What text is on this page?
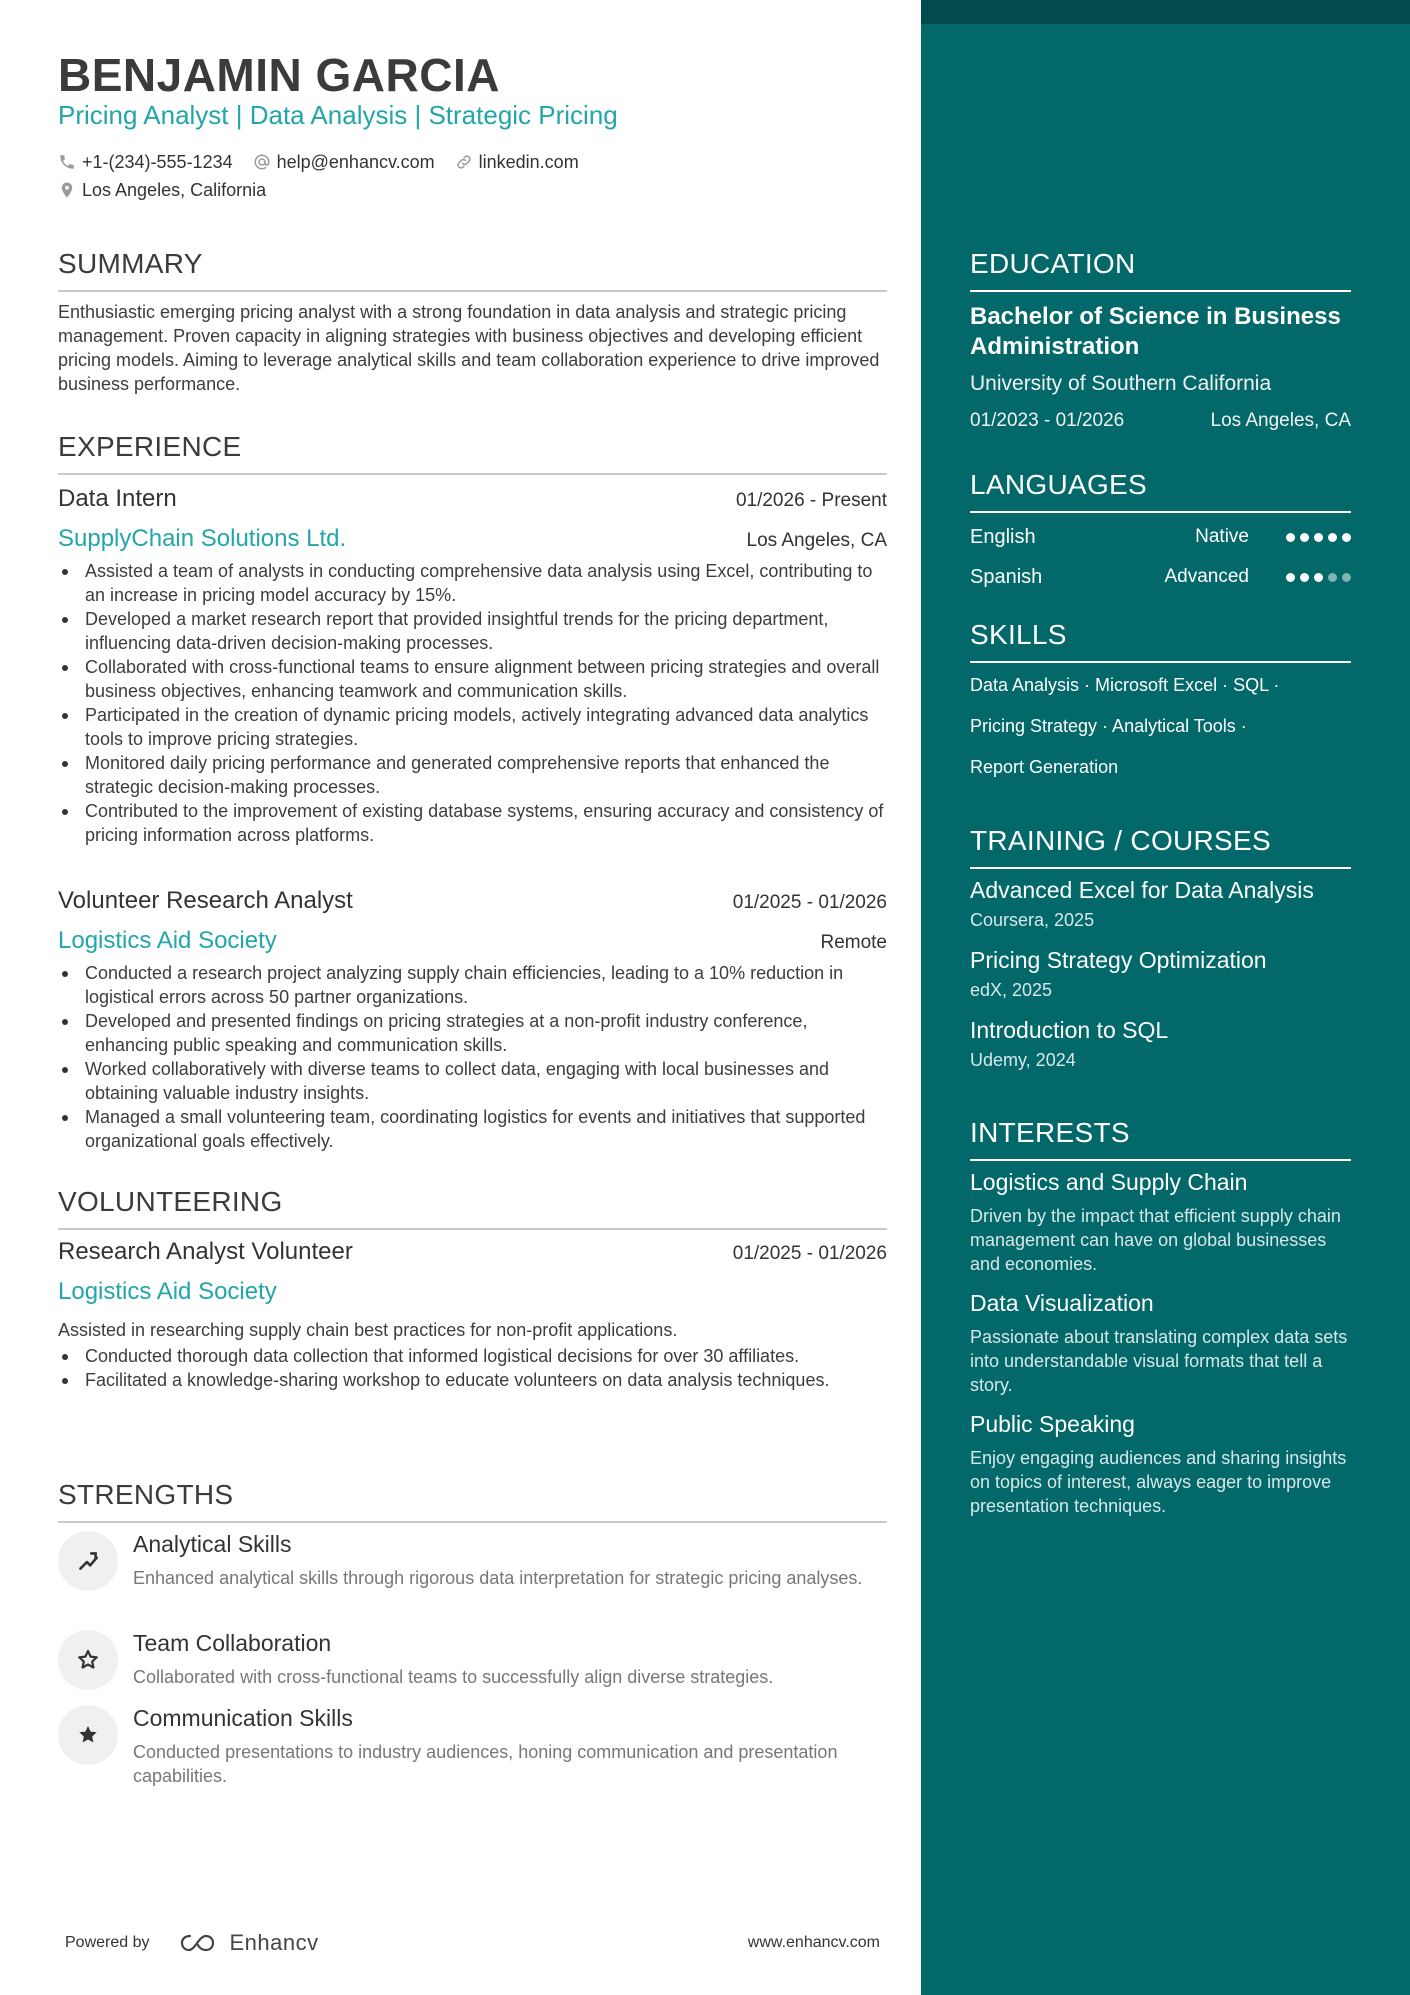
BENJAMIN GARCIA
Pricing Analyst | Data Analysis | Strategic Pricing
+1-(234)-555-1234 help@enhancv.com linkedin.com
Los Angeles, California
SUMMARY
Enthusiastic emerging pricing analyst with a strong foundation in data analysis and strategic pricing management. Proven capacity in aligning strategies with business objectives and developing efficient pricing models. Aiming to leverage analytical skills and team collaboration experience to drive improved business performance.
EXPERIENCE
Data Intern	01/2026 - Present
SupplyChain Solutions Ltd.	Los Angeles, CA
Assisted a team of analysts in conducting comprehensive data analysis using Excel, contributing to an increase in pricing model accuracy by 15%.
Developed a market research report that provided insightful trends for the pricing department, influencing data-driven decision-making processes.
Collaborated with cross-functional teams to ensure alignment between pricing strategies and overall business objectives, enhancing teamwork and communication skills.
Participated in the creation of dynamic pricing models, actively integrating advanced data analytics tools to improve pricing strategies.
Monitored daily pricing performance and generated comprehensive reports that enhanced the strategic decision-making processes.
Contributed to the improvement of existing database systems, ensuring accuracy and consistency of pricing information across platforms.
Volunteer Research Analyst	01/2025 - 01/2026
Logistics Aid Society	Remote
Conducted a research project analyzing supply chain efficiencies, leading to a 10% reduction in logistical errors across 50 partner organizations.
Developed and presented findings on pricing strategies at a non-profit industry conference, enhancing public speaking and communication skills.
Worked collaboratively with diverse teams to collect data, engaging with local businesses and obtaining valuable industry insights.
Managed a small volunteering team, coordinating logistics for events and initiatives that supported organizational goals effectively.
VOLUNTEERING
Research Analyst Volunteer	01/2025 - 01/2026
Logistics Aid Society
Assisted in researching supply chain best practices for non-profit applications.
Conducted thorough data collection that informed logistical decisions for over 30 affiliates.
Facilitated a knowledge-sharing workshop to educate volunteers on data analysis techniques.
STRENGTHS
Analytical Skills
Enhanced analytical skills through rigorous data interpretation for strategic pricing analyses.
Team Collaboration
Collaborated with cross-functional teams to successfully align diverse strategies.
Communication Skills
Conducted presentations to industry audiences, honing communication and presentation capabilities.
Powered by	Enhancv	www.enhancv.com
EDUCATION
Bachelor of Science in Business Administration
University of Southern California
01/2023 - 01/2026	Los Angeles, CA
LANGUAGES
English	Native
Spanish	Advanced
SKILLS
Data Analysis · Microsoft Excel · SQL ·
Pricing Strategy · Analytical Tools ·
Report Generation
TRAINING / COURSES
Advanced Excel for Data Analysis
Coursera, 2025
Pricing Strategy Optimization
edX, 2025
Introduction to SQL
Udemy, 2024
INTERESTS
Logistics and Supply Chain
Driven by the impact that efficient supply chain management can have on global businesses and economies.
Data Visualization
Passionate about translating complex data sets into understandable visual formats that tell a story.
Public Speaking
Enjoy engaging audiences and sharing insights on topics of interest, always eager to improve presentation techniques.
